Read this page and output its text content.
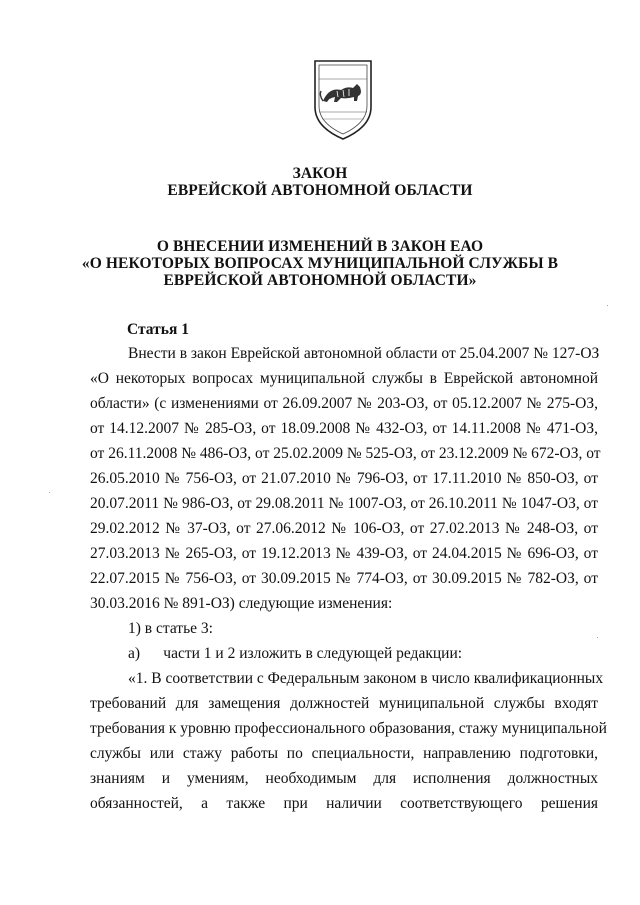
ЗАКОН
ЕВРЕЙСКОЙ АВТОНОМНОЙ ОБЛАСТИ
О ВНЕСЕНИИ ИЗМЕНЕНИЙ В ЗАКОН ЕАО
«О НЕКОТОРЫХ ВОПРОСАХ МУНИЦИПАЛЬНОЙ СЛУЖБЫ В
ЕВРЕЙСКОЙ АВТОНОМНОЙ ОБЛАСТИ»
Статья 1
Внести в закон Еврейской автономной области от 25.04.2007 № 127-ОЗ
«О некоторых вопросах муниципальной службы в Еврейской автономной
области» (с изменениями от 26.09.2007 № 203-ОЗ, от 05.12.2007 № 275-ОЗ,
от 14.12.2007 № 285-ОЗ, от 18.09.2008 № 432-ОЗ, от 14.11.2008 № 471-ОЗ,
от 26.11.2008 № 486-ОЗ, от 25.02.2009 № 525-ОЗ, от 23.12.2009 № 672-ОЗ, от
26.05.2010 № 756-ОЗ, от 21.07.2010 № 796-ОЗ, от 17.11.2010 № 850-ОЗ, от
20.07.2011 № 986-ОЗ, от 29.08.2011 № 1007-ОЗ, от 26.10.2011 № 1047-ОЗ, от
29.02.2012 № 37-ОЗ, от 27.06.2012 № 106-ОЗ, от 27.02.2013 № 248-ОЗ, от
27.03.2013 № 265-ОЗ, от 19.12.2013 № 439-ОЗ, от 24.04.2015 № 696-ОЗ, от
22.07.2015 № 756-ОЗ, от 30.09.2015 № 774-ОЗ, от 30.09.2015 № 782-ОЗ, от
30.03.2016 № 891-ОЗ) следующие изменения:
1) в статье 3:
а)      части 1 и 2 изложить в следующей редакции:
«1. В соответствии с Федеральным законом в число квалификационных
требований для замещения должностей муниципальной службы входят
требования к уровню профессионального образования, стажу муниципальной
службы или стажу работы по специальности, направлению подготовки,
знаниям и умениям, необходимым для исполнения должностных
обязанностей, а также при наличии соответствующего решения
·
·
·
